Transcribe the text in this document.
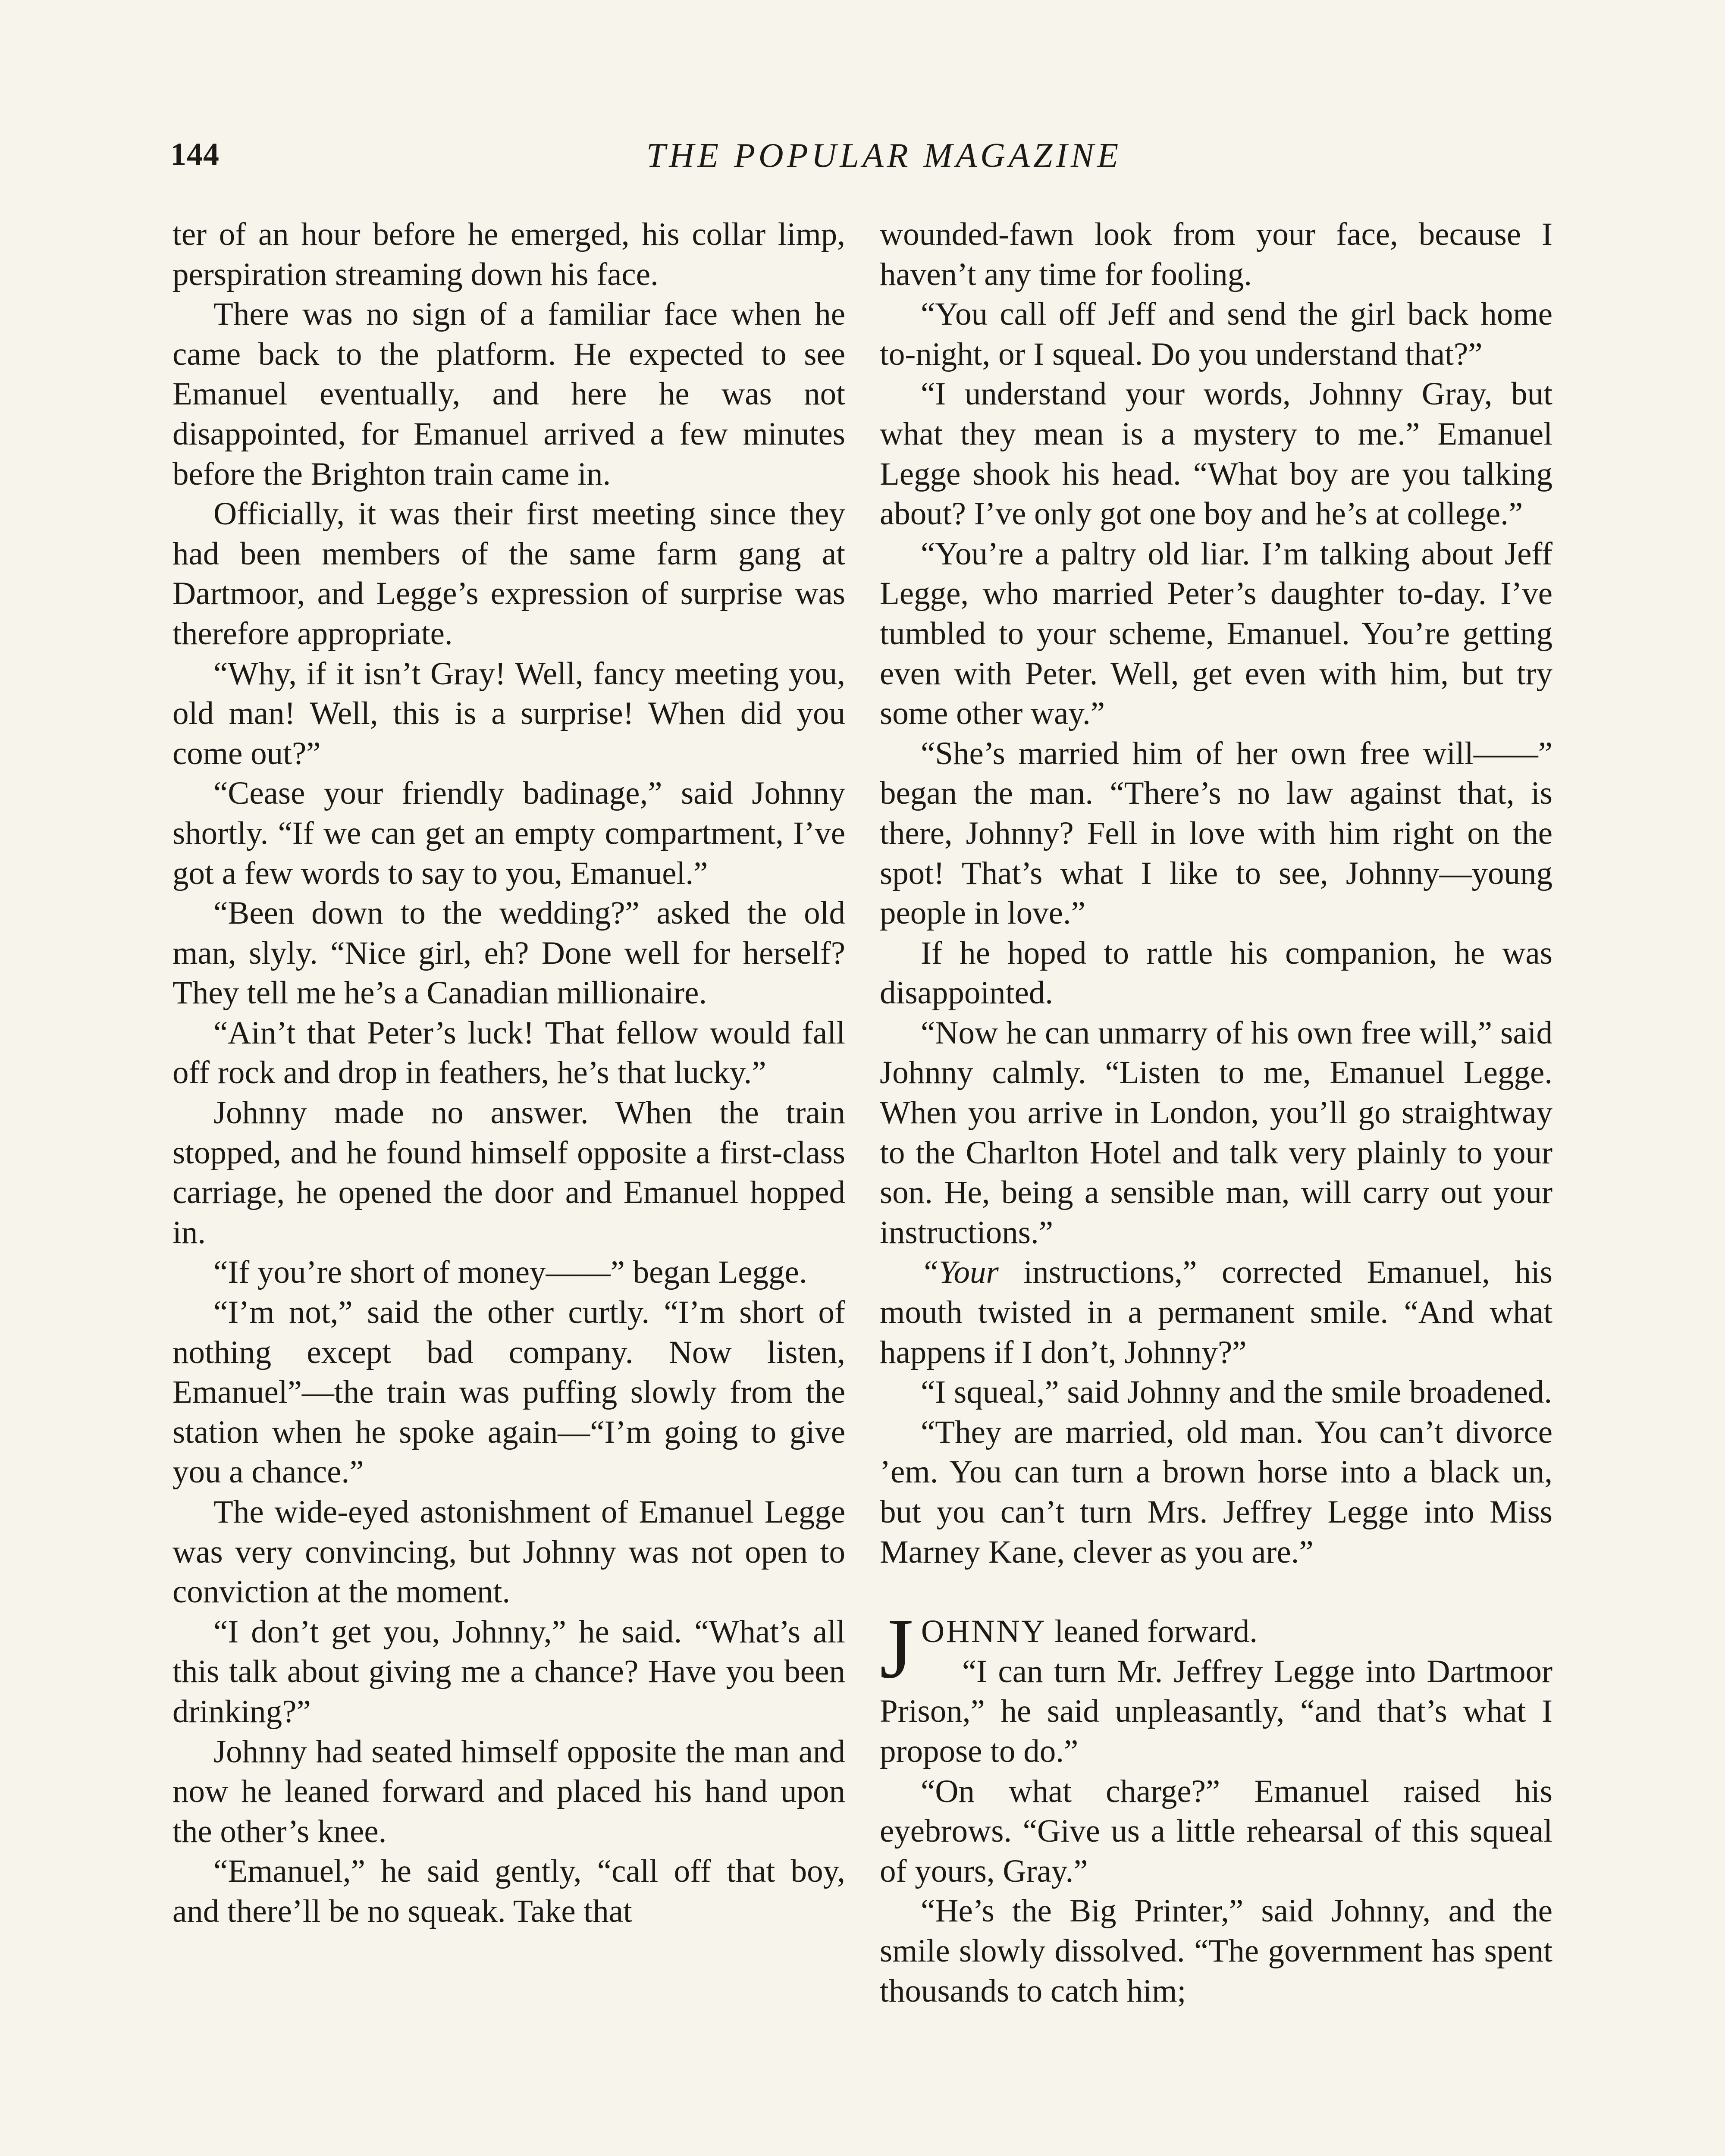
144	THE POPULAR MAGAZINE

ter of an hour before he emerged, his collar limp, perspiration streaming down his face.

There was no sign of a familiar face when he came back to the platform. He expected to see Emanuel eventually, and here he was not disappointed, for Emanuel arrived a few minutes before the Brighton train came in.

Officially, it was their first meeting since they had been members of the same farm gang at Dartmoor, and Legge’s expression of surprise was therefore appropriate.

“Why, if it isn’t Gray! Well, fancy meeting you, old man! Well, this is a surprise! When did you come out?”

“Cease your friendly badinage,” said Johnny shortly. “If we can get an empty compartment, I’ve got a few words to say to you, Emanuel.”

“Been down to the wedding?” asked the old man, slyly. “Nice girl, eh? Done well for herself? They tell me he’s a Canadian millionaire.

“Ain’t that Peter’s luck! That fellow would fall off rock and drop in feathers, he’s that lucky.”

Johnny made no answer. When the train stopped, and he found himself opposite a first-class carriage, he opened the door and Emanuel hopped in.

“If you’re short of money——” began Legge.

“I’m not,” said the other curtly. “I’m short of nothing except bad company. Now listen, Emanuel”—the train was puffing slowly from the station when he spoke again—“I’m going to give you a chance.”

The wide-eyed astonishment of Emanuel Legge was very convincing, but Johnny was not open to conviction at the moment.

“I don’t get you, Johnny,” he said. “What’s all this talk about giving me a chance? Have you been drinking?”

Johnny had seated himself opposite the man and now he leaned forward and placed his hand upon the other’s knee.

“Emanuel,” he said gently, “call off that boy, and there’ll be no squeak. Take that

wounded-fawn look from your face, because I haven’t any time for fooling.

“You call off Jeff and send the girl back home to-night, or I squeal. Do you understand that?”

“I understand your words, Johnny Gray, but what they mean is a mystery to me.” Emanuel Legge shook his head. “What boy are you talking about? I’ve only got one boy and he’s at college.”

“You’re a paltry old liar. I’m talking about Jeff Legge, who married Peter’s daughter to-day. I’ve tumbled to your scheme, Emanuel. You’re getting even with Peter. Well, get even with him, but try some other way.”

“She’s married him of her own free will——” began the man. “There’s no law against that, is there, Johnny? Fell in love with him right on the spot! That’s what I like to see, Johnny—young people in love.”

If he hoped to rattle his companion, he was disappointed.

“Now he can unmarry of his own free will,” said Johnny calmly. “Listen to me, Emanuel Legge. When you arrive in London, you’ll go straightway to the Charlton Hotel and talk very plainly to your son. He, being a sensible man, will carry out your instructions.”

“Your instructions,” corrected Emanuel, his mouth twisted in a permanent smile. “And what happens if I don’t, Johnny?”

“I squeal,” said Johnny and the smile broadened.

“They are married, old man. You can’t divorce ’em. You can turn a brown horse into a black un, but you can’t turn Mrs. Jeffrey Legge into Miss Marney Kane, clever as you are.”

JOHNNY leaned forward.

“I can turn Mr. Jeffrey Legge into Dartmoor Prison,” he said unpleasantly, “and that’s what I propose to do.”

“On what charge?” Emanuel raised his eyebrows. “Give us a little rehearsal of this squeal of yours, Gray.”

“He’s the Big Printer,” said Johnny, and the smile slowly dissolved. “The government has spent thousands to catch him;
